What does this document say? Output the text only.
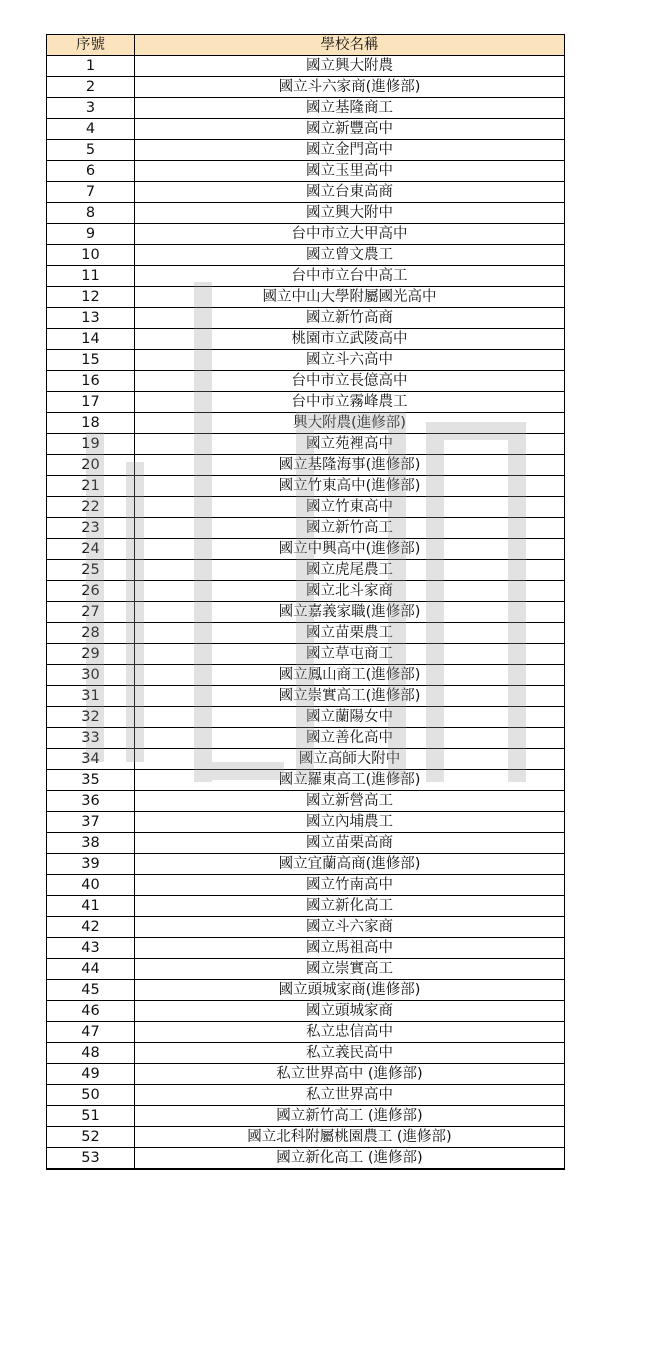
序號	學校名稱
1	國立興大附農
2	國立斗六家商(進修部)
3	國立基隆商工
4	國立新豐高中
5	國立金門高中
6	國立玉里高中
7	國立台東高商
8	國立興大附中
9	台中市立大甲高中
10	國立曾文農工
11	台中市立台中高工
12	國立中山大學附屬國光高中
13	國立新竹高商
14	桃園市立武陵高中
15	國立斗六高中
16	台中市立長億高中
17	台中市立霧峰農工
18	興大附農(進修部)
19	國立苑裡高中
20	國立基隆海事(進修部)
21	國立竹東高中(進修部)
22	國立竹東高中
23	國立新竹高工
24	國立中興高中(進修部)
25	國立虎尾農工
26	國立北斗家商
27	國立嘉義家職(進修部)
28	國立苗栗農工
29	國立草屯商工
30	國立鳳山商工(進修部)
31	國立崇實高工(進修部)
32	國立蘭陽女中
33	國立善化高中
34	國立高師大附中
35	國立羅東高工(進修部)
36	國立新營高工
37	國立內埔農工
38	國立苗栗高商
39	國立宜蘭高商(進修部)
40	國立竹南高中
41	國立新化高工
42	國立斗六家商
43	國立馬祖高中
44	國立崇實高工
45	國立頭城家商(進修部)
46	國立頭城家商
47	私立忠信高中
48	私立義民高中
49	私立世界高中 (進修部)
50	私立世界高中
51	國立新竹高工 (進修部)
52	國立北科附屬桃園農工 (進修部)
53	國立新化高工 (進修部)
